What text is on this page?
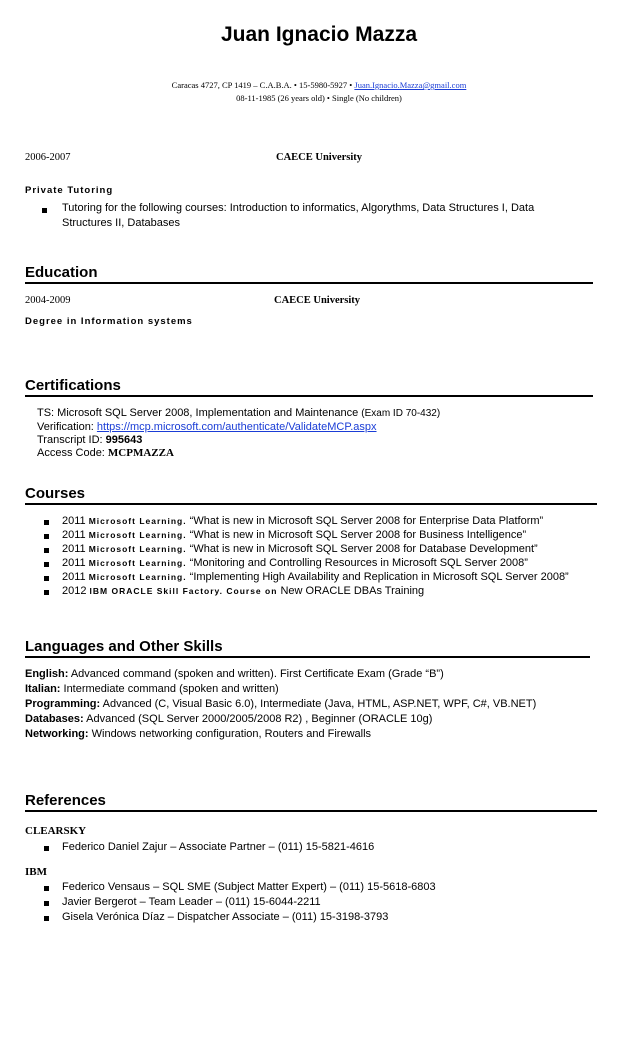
Juan Ignacio Mazza
Caracas 4727, CP 1419 – C.A.B.A. • 15-5980-5927 • Juan.Ignacio.Mazza@gmail.com
08-11-1985 (26 years old) • Single (No children)
2006-2007	CAECE University
Private Tutoring
Tutoring for the following courses: Introduction to informatics, Algorythms, Data Structures I, Data
Structures II, Databases
Education
2004-2009	CAECE University
Degree in Information systems
Certifications
TS: Microsoft SQL Server 2008, Implementation and Maintenance (Exam ID 70-432)
Verification: https://mcp.microsoft.com/authenticate/ValidateMCP.aspx
Transcript ID: 995643
Access Code: MCPMAZZA
Courses
2011 Microsoft Learning. “What is new in Microsoft SQL Server 2008 for Enterprise Data Platform”
2011 Microsoft Learning. “What is new in Microsoft SQL Server 2008 for Business Intelligence”
2011 Microsoft Learning. “What is new in Microsoft SQL Server 2008 for Database Development”
2011 Microsoft Learning. “Monitoring and Controlling Resources in Microsoft SQL Server 2008”
2011 Microsoft Learning. “Implementing High Availability and Replication in Microsoft SQL Server 2008”
2012 IBM ORACLE Skill Factory. Course on New ORACLE DBAs Training
Languages and Other Skills
English: Advanced command (spoken and written). First Certificate Exam (Grade “B”)
Italian: Intermediate command (spoken and written)
Programming: Advanced (C, Visual Basic 6.0), Intermediate (Java, HTML, ASP.NET, WPF, C#, VB.NET)
Databases: Advanced (SQL Server 2000/2005/2008 R2) , Beginner (ORACLE 10g)
Networking: Windows networking configuration, Routers and Firewalls
References
CLEARSKY
Federico Daniel Zajur – Associate Partner – (011) 15-5821-4616
IBM
Federico Vensaus – SQL SME (Subject Matter Expert) – (011) 15-5618-6803
Javier Bergerot – Team Leader – (011) 15-6044-2211
Gisela Verónica Díaz – Dispatcher Associate – (011) 15-3198-3793
